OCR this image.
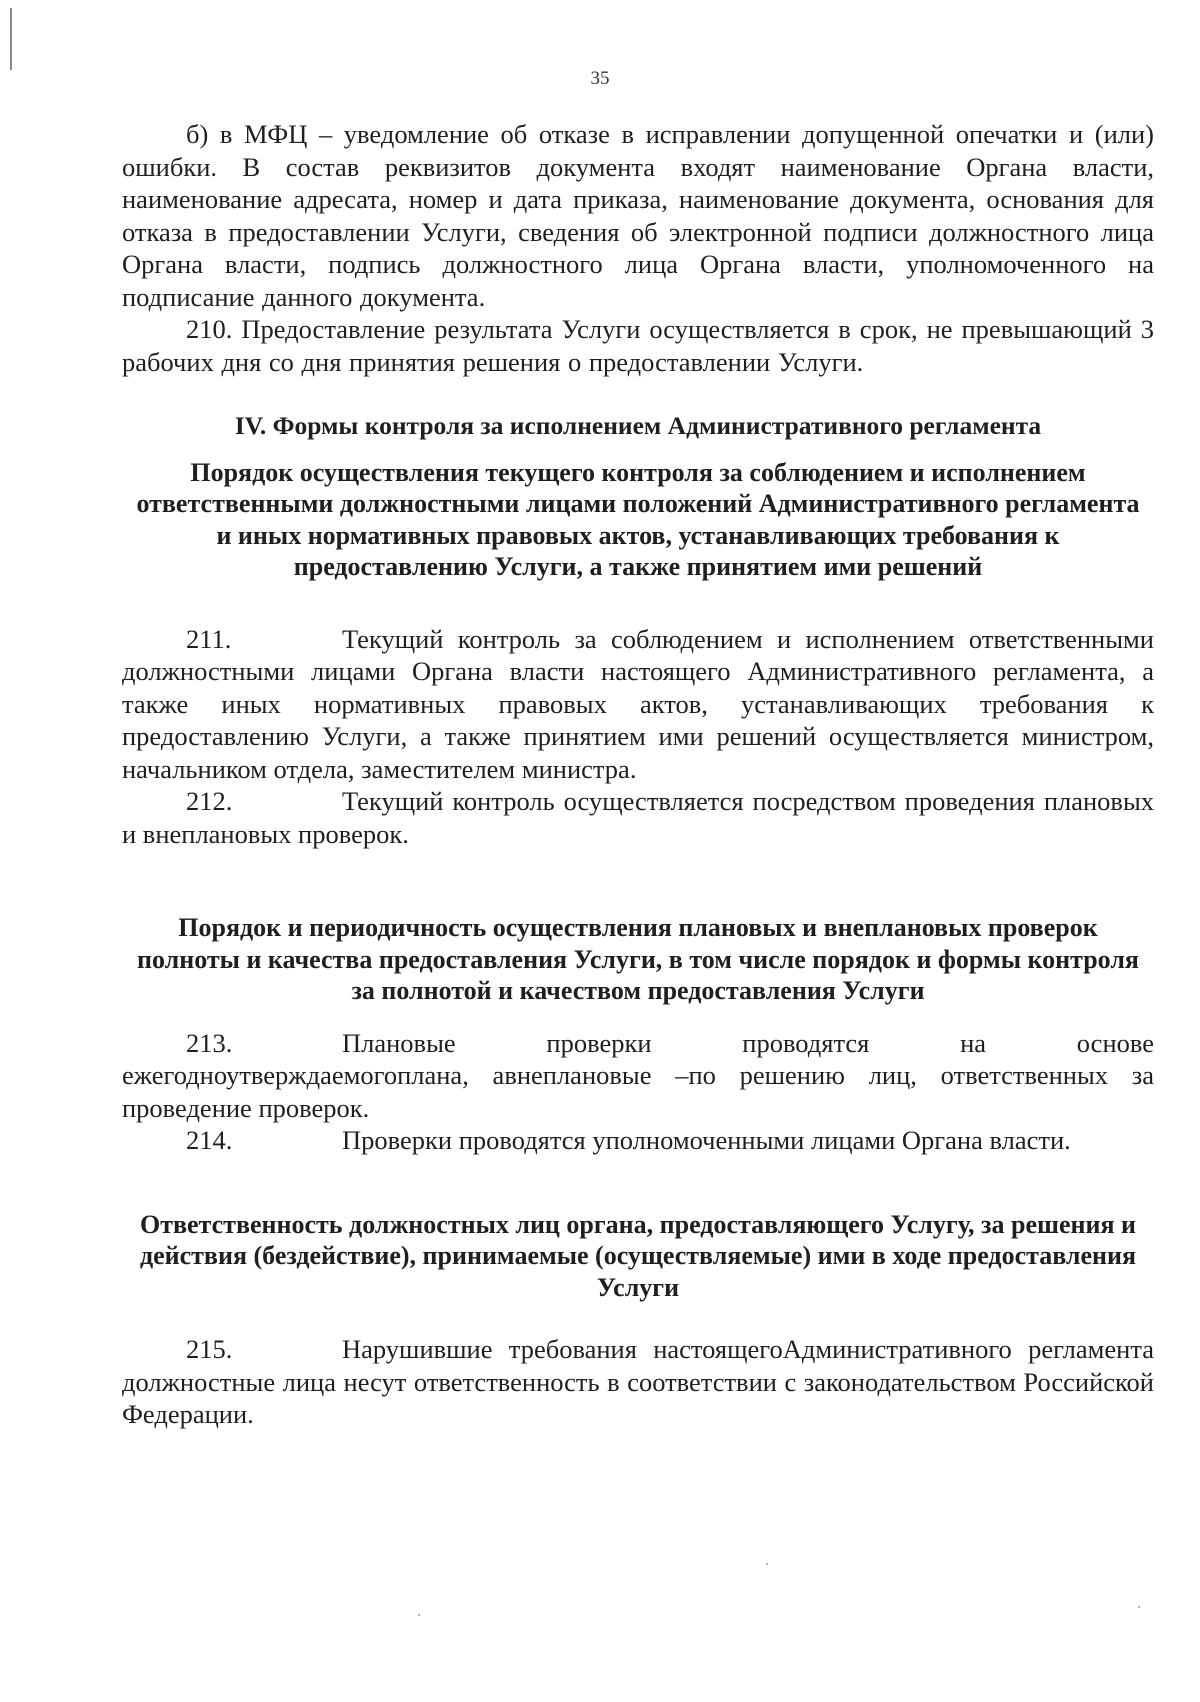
35

б) в МФЦ – уведомление об отказе в исправлении допущенной опечатки и (или) ошибки. В состав реквизитов документа входят наименование Органа власти, наименование адресата, номер и дата приказа, наименование документа, основания для отказа в предоставлении Услуги, сведения об электронной подписи должностного лица Органа власти, подпись должностного лица Органа власти, уполномоченного на подписание данного документа.

210. Предоставление результата Услуги осуществляется в срок, не превышающий 3 рабочих дня со дня принятия решения о предоставлении Услуги.

IV. Формы контроля за исполнением Административного регламента
Порядок осуществления текущего контроля за соблюдением и исполнением ответственными должностными лицами положений Административного регламента и иных нормативных правовых актов, устанавливающих требования к предоставлению Услуги, а также принятием ими решений

211.	Текущий контроль за соблюдением и исполнением ответственными должностными лицами Органа власти настоящего Административного регламента, а также иных нормативных правовых актов, устанавливающих требования к предоставлению Услуги, а также принятием ими решений осуществляется министром, начальником отдела, заместителем министра.

212.	Текущий контроль осуществляется посредством проведения плановых и внеплановых проверок.

Порядок и периодичность осуществления плановых и внеплановых проверок полноты и качества предоставления Услуги, в том числе порядок и формы контроля за полнотой и качеством предоставления Услуги

213.	Плановые проверки проводятся на основе ежегодноутверждаемогоплана, авнеплановые –по решению лиц, ответственных за проведение проверок.

214.	Проверки проводятся уполномоченными лицами Органа власти.

Ответственность должностных лиц органа, предоставляющего Услугу, за решения и действия (бездействие), принимаемые (осуществляемые) ими в ходе предоставления Услуги

215.	Нарушившие требования настоящегоАдминистративного регламента должностные лица несут ответственность в соответствии с законодательством Российской Федерации.
